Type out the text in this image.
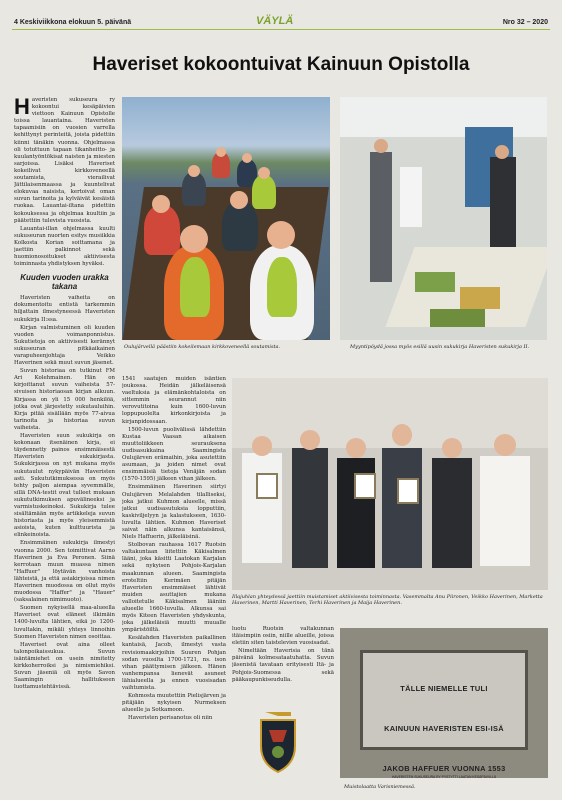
4 Keskiviikkona elokuun 5. päivänä	VÄYLÄ	Nro 32 – 2020
Haveriset kokoontuivat Kainuun Opistolla

Haveristen sukuseura ry kokoontui kesäpäivien viettoon Kainuun Opistolle toissa lauantaina. Haveristen tapaamisiin on vuosien varrella kehittynyt perinteitä, joista pidettiin kiinni tänäkin vuonna. Ohjelmassa oli totuttuun tapaan tikanheitto- ja kuulantyöntökisat naisten ja miesten sarjoissa. Lisäksi Haveriset kokeilivat kirkkoveneellä soutamista, vierailivat Jättilaisenmaassa ja kuuntelivat elokuvaa naisista, kertoivat oman suvun tarinoita ja kylväivät kesäistä ruokaa. Lauantai-iltana pidettiin kokouksessa ja ohjelmaa kuultiin ja päätettiin tulevista vuosista.

Lauantai-illan ohjelmassa kuulti sukuseuran nuorten esitys musiikkia Kolkosta Korian soittamana ja jaettiin palkinnot sekä huomionosoitukset aktiivisesta toiminnasta yhdistyksen hyväksi.

Kuuden vuoden urakka takana

Haveristen vaiheita on dokumentoitu entistä tarkemmin hiljattain ilmestyneessä Haveristen sukukirja II:ssa.

Kirjan valmistuminen oli kuuden vuoden voimanponnistus. Sukutietoja on aktiivisesti kerännyt sukuseuran pitkäaikainen varapuheenjohtaja Veikko Haverinen sekä muut suvun jäsenet.

Suvun historiaa on tutkinut FM Ari Kolehmainen. Hän on kirjoittanut suvun vaiheista 57-sivuisen historiaosan kirjan alkuun. Kirjassa on yli 15 000 henkilöä, jotka ovat järjestetty sukutauluihin. Kirja pitää sisällään myös 77-aivua tarinoita ja historiaa suvun vaiheista.

Haveristen suun sukukirja on kokonaan itsenäinen kirja, ei täydennetty painos ensimmäisestä Haveristen sukukirjasta. Sukukirjassa on nyt mukana myös sukutaulut nykypäivän Haveristen asti. Sukututkimuksessa on myös tehty paljon aiempaa syvemmälle, sillä DNA-testit ovat tulleet mukaan sukututkimuksen apuvälineeksi ja varmistuskeinoksi. Sukukirja tulee sisältämään myös artikkeleja suvun historiasta ja myös yleisemmistä asioista, kuten kulttuurista ja elinkeinoista.

Ensimmäinen sukukirja ilmestyi vuonna 2000. Sen toimittivat Aarno Haverinen ja Eva Peronen. Siinä kerrotaan muun muassa nimen "Haffuer" löytävän vanhoista lähteistä, ja että asiakirjoissa nimen Haverinen muodossa on ollut myös muodossa "Haffer" ja "Hauer" (saksalainen nimimuoto).

Suomen nykyisellä maa-alueella Haveriset ovat eläneet ilkimäin 1400-luvulta lähtien, eikä jo 1200-luvultakin, mikäli yhteys linnoihin Suomen Haveristen nimen osoittaa.

Haveriset ovat aina olleet talonpoikaissukua. Suvun isäntämiehet on usein nimitetty kirkkoherroiksi ja nimismiehiksi. Suvun jäseniä oli myös Savon Saamingin hallitukseen luottamustehtävissä.

Oulujärvellä päästiin kokeilemaan kirkkoveneellä soutamista.	Myyntipöydä jossa myös esillä uusin sukukirja Haveristen sukukirja II.

1541 saatujen muiden isäntien joukossa. Heidän jälkeläisensä vaeltuksia ja elämänkohtaloista on sittemmin seurannut niin verovutitoina kuin 1600-luvun loppupuolelta kirkonkirjoista ja kirjanpidossaan.

1500-luvun puolivälissä lähdettiin Kustaa Vaasan aikaisen muuttoliikkeen seurauksena uudisasukkaina Saamingista Oulujärven erämaihin, joka asutettiin asumaan, ja joiden nimet ovat ensimmäisiä tietoja Venäjän sodan (1570-1595) jälkeen vihan jälkeen.

Ensimmäinen Haverinen siirtyi Oulujärven Melalahden tilalliseksi, joka jatkui Kuhmon alueelle, missä jatkui uudisasutuksia lopputtiin, kaskiviljelyyn ja kalastukseen, 1630-luvulta lähtien. Kuhmon Haveriset saivat näin alkunsa kantaisänsä, Niels Haffuerin, jälkeläisinä.

Stolbovan rauhassa 1617 Ruotsin valtakuntaan liitettiin Käkisalmen lääni, joka käsitti Laatokan Karjalan sekä nykyisen Pohjois-Karjalan maakunnan alueen. Saamingista eroteltiin Kerimäen pitäjän Haveristen ensimmäiset lähtivät muiden asuttajien mukana valloitetulle Käkisalmen lääniin alueelle 1660-luvulla. Alkunsa sai myös Kiteen Haveristen yhdyskunta, joka jälkeläisiä muutti muualle ympäristöiltä.

Kesälahden Haveristen paikallinen kantaisä, Jacob, ilmestyi vasta revisiomaakirjoihin Suuren Pohjan sodan vuosilta 1700-1721, ns. ison vihan päättymisen jälkeen. Hänen vanhempansa lienevät asuneet lähialueella ja ennen vuosisadan vaihtumista.

Kohmosta muutettiin Pielisjärven ja pitäjään nykyisen Nurmeksen alueelle ja Sotkamoon.

Haveristen perisanotus oli niin

Illajuhlan yhteydessä jaettiin muistamiset aktiivisesta toiminnasta. Vasemmalta Anu Piironen, Veikko Haverinen, Marketta Haverinen, Martti Haverinen, Terhi Haverinen ja Maija Haverinen.

luotu Ruotsin valtakunnan itäisimpiin osiin, niille alueille, joissa eletiin siten taistelevien vuosisadat.

Nimeltään Haverisia on tänä päivänä kolmesataatuhatta. Suvun jäsenistä tavataan erityisesti Itä- ja Pohjois-Suomessa sekä pääkaupunkiseudulla.

TÄLLE NIEMELLE TULI
KAINUUN HAVERISTEN ESI-ISÄ
JAKOB HAFFUER VUONNA 1553
HAVERISTEN SUKUSEURA RY PYSTYTTI LAATAN KESÄPÄIVILLÄ
Muistolaatta Varisniemessä.
